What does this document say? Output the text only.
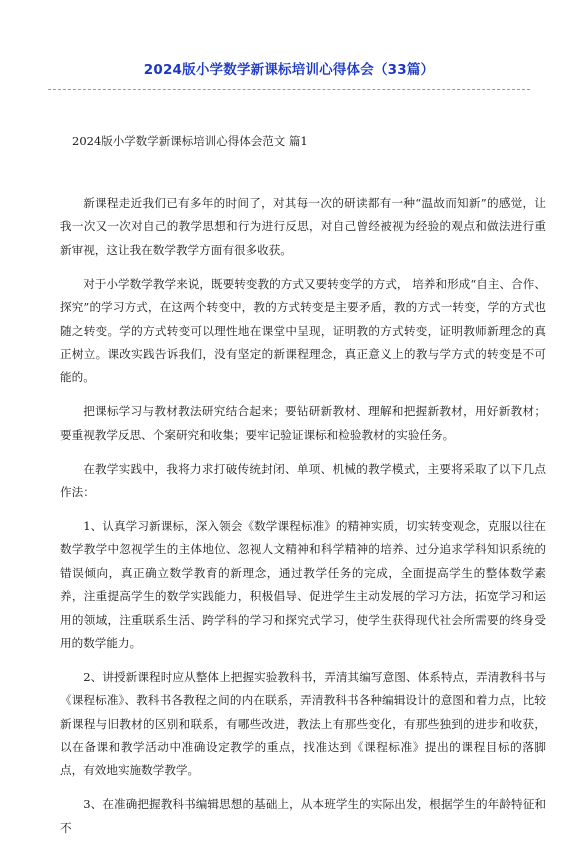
2024版小学数学新课标培训心得体会（33篇）
2024版小学数学新课标培训心得体会范文 篇1

新课程走近我们已有多年的时间了，对其每一次的研读都有一种“温故而知新”的感觉，让我一次又一次对自己的教学思想和行为进行反思，对自己曾经被视为经验的观点和做法进行重新审视，这让我在数学教学方面有很多收获。

对于小学数学教学来说，既要转变教的方式又要转变学的方式， 培养和形成“自主、合作、探究”的学习方式，在这两个转变中，教的方式转变是主要矛盾，教的方式一转变，学的方式也随之转变。学的方式转变可以理性地在课堂中呈现，证明教的方式转变，证明教师新理念的真正树立。课改实践告诉我们，没有坚定的新课程理念，真正意义上的教与学方式的转变是不可能的。

把课标学习与教材教法研究结合起来；要钻研新教材、理解和把握新教材，用好新教材；要重视教学反思、个案研究和收集；要牢记验证课标和检验教材的实验任务。

在教学实践中，我将力求打破传统封闭、单项、机械的教学模式，主要将采取了以下几点作法：

1、认真学习新课标，深入领会《数学课程标准》的精神实质，切实转变观念，克服以往在数学教学中忽视学生的主体地位、忽视人文精神和科学精神的培养、过分追求学科知识系统的错误倾向，真正确立数学教育的新理念，通过教学任务的完成，全面提高学生的整体数学素养，注重提高学生的数学实践能力，积极倡导、促进学生主动发展的学习方法，拓宽学习和运用的领域，注重联系生活、跨学科的学习和探究式学习，使学生获得现代社会所需要的终身受用的数学能力。

2、讲授新课程时应从整体上把握实验教科书，弄清其编写意图、体系特点，弄清教科书与《课程标准》、教科书各教程之间的内在联系，弄清教科书各种编辑设计的意图和着力点，比较新课程与旧教材的区别和联系，有哪些改进，教法上有那些变化，有那些独到的进步和收获，以在备课和教学活动中准确设定教学的重点，找准达到《课程标准》提出的课程目标的落脚点，有效地实施数学教学。

3、在准确把握教科书编辑思想的基础上，从本班学生的实际出发，根据学生的年龄特征和不
